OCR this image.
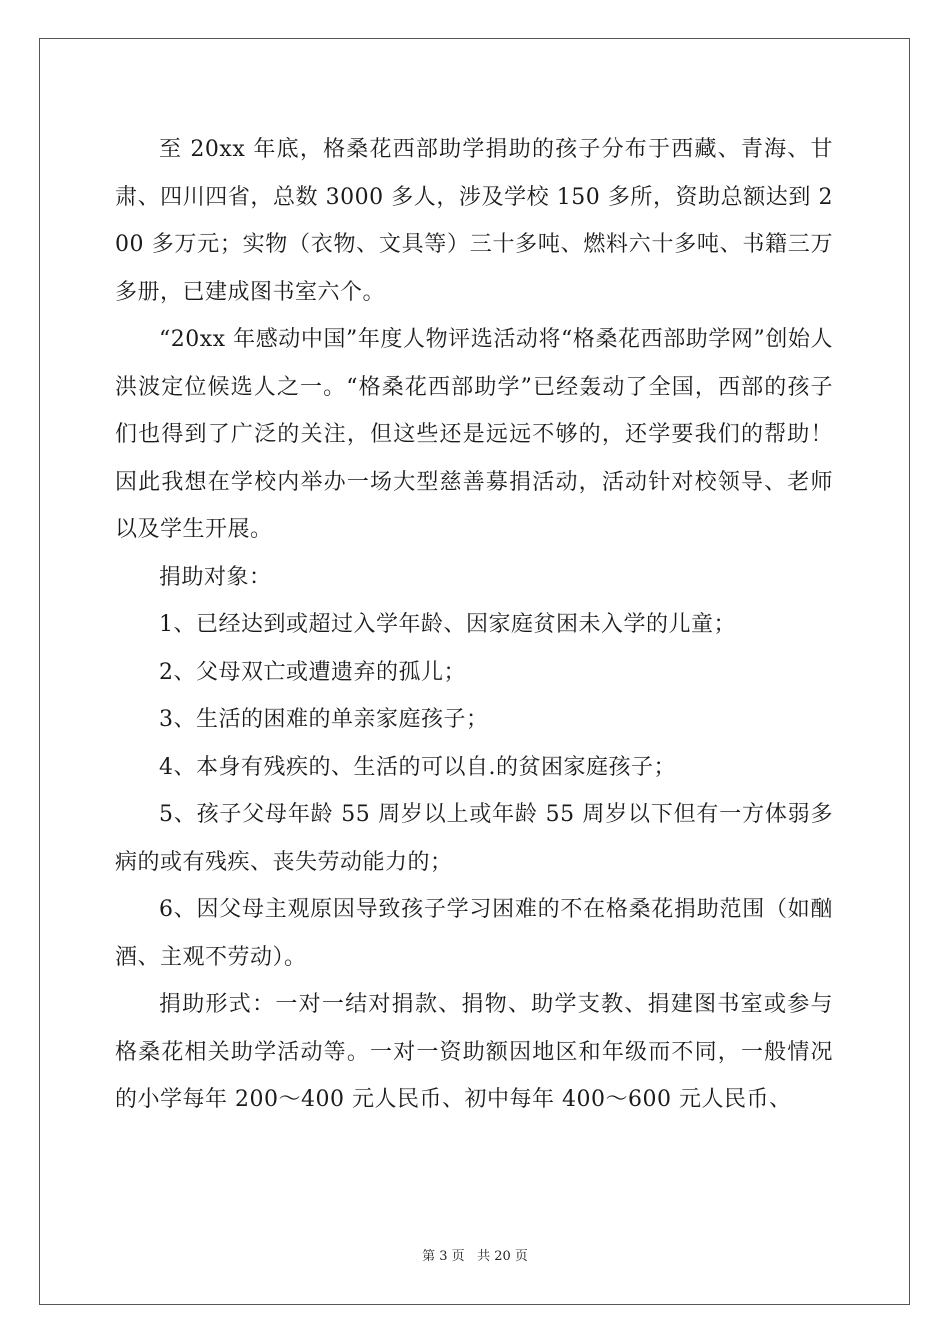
至 20xx 年底，格桑花西部助学捐助的孩子分布于西藏、青海、甘肃、四川四省，总数 3000 多人，涉及学校 150 多所，资助总额达到 200 多万元；实物（衣物、文具等）三十多吨、燃料六十多吨、书籍三万多册，已建成图书室六个。

“20xx 年感动中国”年度人物评选活动将“格桑花西部助学网”创始人洪波定位候选人之一。“格桑花西部助学”已经轰动了全国，西部的孩子们也得到了广泛的关注，但这些还是远远不够的，还学要我们的帮助！因此我想在学校内举办一场大型慈善募捐活动，活动针对校领导、老师以及学生开展。

捐助对象：

1、已经达到或超过入学年龄、因家庭贫困未入学的儿童；

2、父母双亡或遭遗弃的孤儿；

3、生活的困难的单亲家庭孩子；

4、本身有残疾的、生活的可以自.的贫困家庭孩子；

5、孩子父母年龄 55 周岁以上或年龄 55 周岁以下但有一方体弱多病的或有残疾、丧失劳动能力的；

6、因父母主观原因导致孩子学习困难的不在格桑花捐助范围（如酗酒、主观不劳动）。

捐助形式：一对一结对捐款、捐物、助学支教、捐建图书室或参与格桑花相关助学活动等。一对一资助额因地区和年级而不同，一般情况的小学每年 200～400 元人民币、初中每年 400～600 元人民币、

第 3 页 共 20 页
